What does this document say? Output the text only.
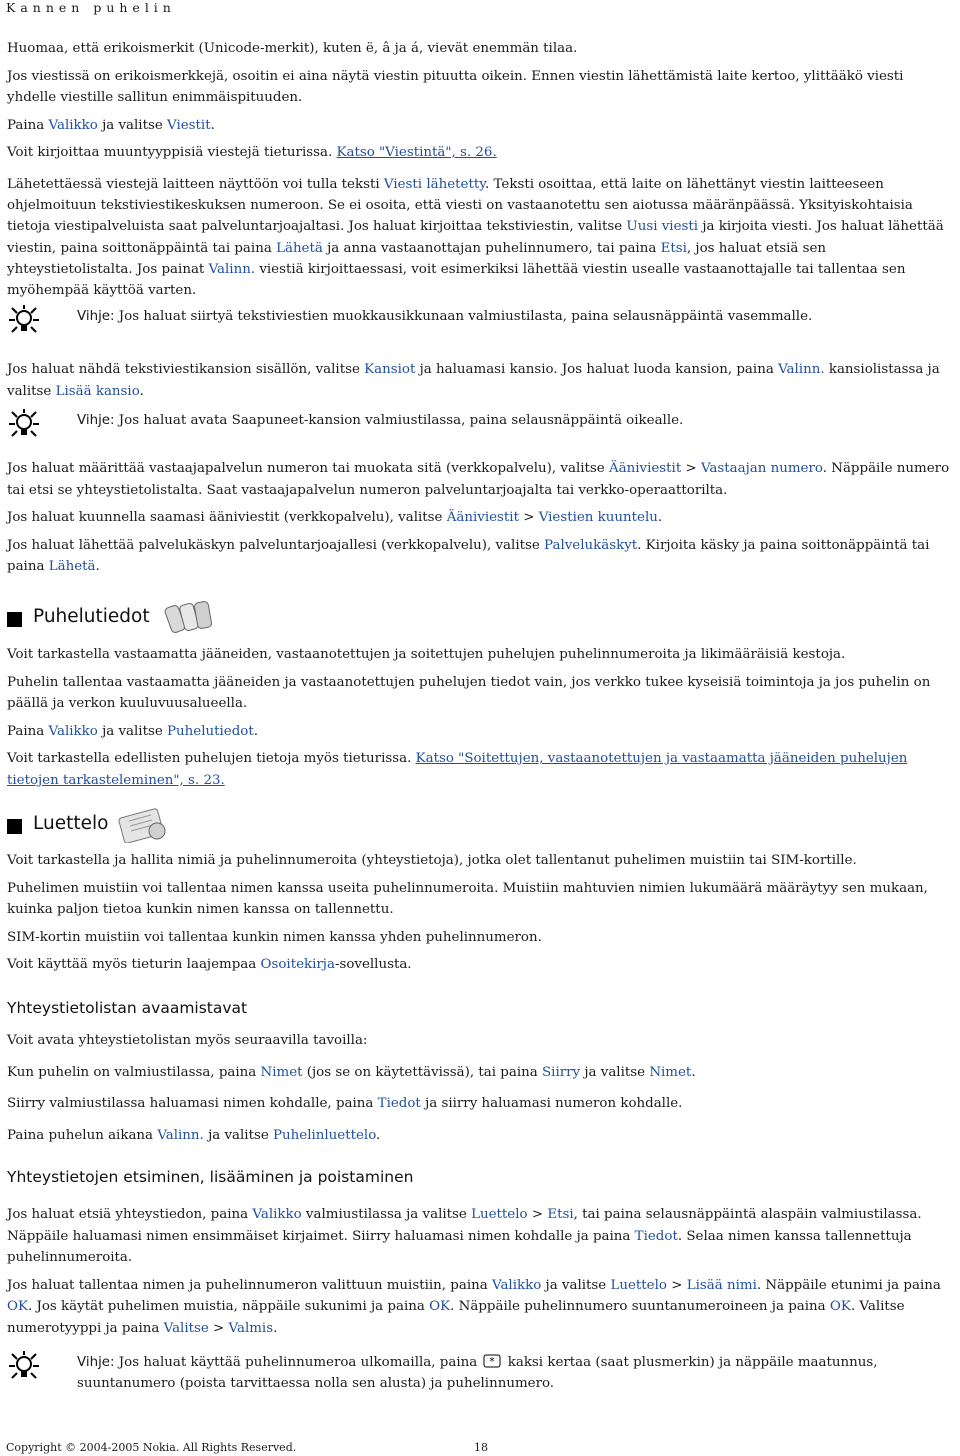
Kannen puhelin

Huomaa, että erikoismerkit (Unicode-merkit), kuten ë, â ja á, vievät enemmän tilaa.

Jos viestissä on erikoismerkkejä, osoitin ei aina näytä viestin pituutta oikein. Ennen viestin lähettämistä laite kertoo, ylittääkö viesti yhdelle viestille sallitun enimmäispituuden.

Paina Valikko ja valitse Viestit.

Voit kirjoittaa muuntyyppisiä viestejä tieturissa. Katso "Viestintä", s. 26.

Lähetettäessä viestejä laitteen näyttöön voi tulla teksti Viesti lähetetty. Teksti osoittaa, että laite on lähettänyt viestin laitteeseen ohjelmoituun tekstiviestikeskuksen numeroon. Se ei osoita, että viesti on vastaanotettu sen aiotussa määränpäässä. Yksityiskohtaisia tietoja viestipalveluista saat palveluntarjoajaltasi. Jos haluat kirjoittaa tekstiviestin, valitse Uusi viesti ja kirjoita viesti. Jos haluat lähettää viestin, paina soittonäppäintä tai paina Lähetä ja anna vastaanottajan puhelinnumero, tai paina Etsi, jos haluat etsiä sen yhteystietolistalta. Jos painat Valinn. viestiä kirjoittaessasi, voit esimerkiksi lähettää viestin usealle vastaanottajalle tai tallentaa sen myöhempää käyttöä varten.

Vihje: Jos haluat siirtyä tekstiviestien muokkausikkunaan valmiustilasta, paina selausnäppäintä vasemmalle.

Jos haluat nähdä tekstiviestikansion sisällön, valitse Kansiot ja haluamasi kansio. Jos haluat luoda kansion, paina Valinn. kansiolistassa ja valitse Lisää kansio.

Vihje: Jos haluat avata Saapuneet-kansion valmiustilassa, paina selausnäppäintä oikealle.

Jos haluat määrittää vastaajapalvelun numeron tai muokata sitä (verkkopalvelu), valitse Ääniviestit > Vastaajan numero. Näppäile numero tai etsi se yhteystietolistalta. Saat vastaajapalvelun numeron palveluntarjoajalta tai verkko-operaattorilta.

Jos haluat kuunnella saamasi ääniviestit (verkkopalvelu), valitse Ääniviestit > Viestien kuuntelu.

Jos haluat lähettää palvelukäskyn palveluntarjoajallesi (verkkopalvelu), valitse Palvelukäskyt. Kirjoita käsky ja paina soittonäppäintä tai paina Lähetä.

Puhelutiedot

Voit tarkastella vastaamatta jääneiden, vastaanotettujen ja soitettujen puhelujen puhelinnumeroita ja likimääräisiä kestoja.

Puhelin tallentaa vastaamatta jääneiden ja vastaanotettujen puhelujen tiedot vain, jos verkko tukee kyseisiä toimintoja ja jos puhelin on päällä ja verkon kuuluvuusalueella.

Paina Valikko ja valitse Puhelutiedot.

Voit tarkastella edellisten puhelujen tietoja myös tieturissa. Katso "Soitettujen, vastaanotettujen ja vastaamatta jääneiden puhelujen tietojen tarkasteleminen", s. 23.

Luettelo

Voit tarkastella ja hallita nimiä ja puhelinnumeroita (yhteystietoja), jotka olet tallentanut puhelimen muistiin tai SIM-kortille.

Puhelimen muistiin voi tallentaa nimen kanssa useita puhelinnumeroita. Muistiin mahtuvien nimien lukumäärä määräytyy sen mukaan, kuinka paljon tietoa kunkin nimen kanssa on tallennettu.

SIM-kortin muistiin voi tallentaa kunkin nimen kanssa yhden puhelinnumeron.

Voit käyttää myös tieturin laajempaa Osoitekirja-sovellusta.

Yhteystietolistan avaamistavat

Voit avata yhteystietolistan myös seuraavilla tavoilla:

Kun puhelin on valmiustilassa, paina Nimet (jos se on käytettävissä), tai paina Siirry ja valitse Nimet.

Siirry valmiustilassa haluamasi nimen kohdalle, paina Tiedot ja siirry haluamasi numeron kohdalle.

Paina puhelun aikana Valinn. ja valitse Puhelinluettelo.

Yhteystietojen etsiminen, lisääminen ja poistaminen

Jos haluat etsiä yhteystiedon, paina Valikko valmiustilassa ja valitse Luettelo > Etsi, tai paina selausnäppäintä alaspäin valmiustilassa. Näppäile haluamasi nimen ensimmäiset kirjaimet. Siirry haluamasi nimen kohdalle ja paina Tiedot. Selaa nimen kanssa tallennettuja puhelinnumeroita.

Jos haluat tallentaa nimen ja puhelinnumeron valittuun muistiin, paina Valikko ja valitse Luettelo > Lisää nimi. Näppäile etunimi ja paina OK. Jos käytät puhelimen muistia, näppäile sukunimi ja paina OK. Näppäile puhelinnumero suuntanumeroineen ja paina OK. Valitse numerotyyppi ja paina Valitse > Valmis.

Vihje: Jos haluat käyttää puhelinnumeroa ulkomailla, paina * kaksi kertaa (saat plusmerkin) ja näppäile maatunnus, suuntanumero (poista tarvittaessa nolla sen alusta) ja puhelinnumero.
Copyright © 2004-2005 Nokia. All Rights Reserved.	18
